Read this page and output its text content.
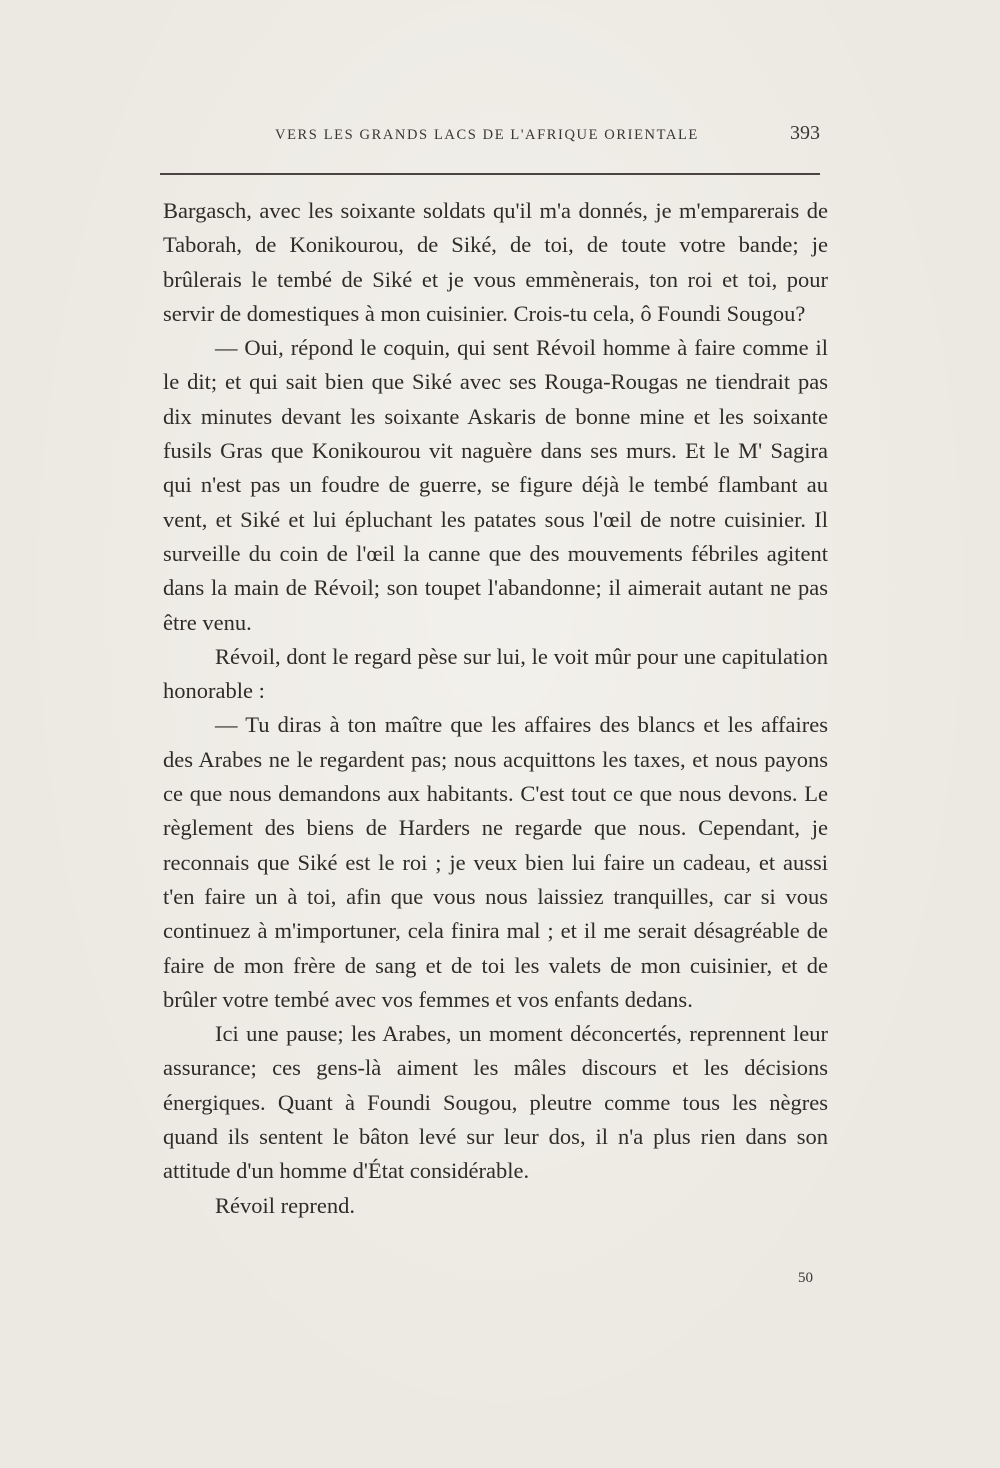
VERS LES GRANDS LACS DE L'AFRIQUE ORIENTALE	393

Bargasch, avec les soixante soldats qu'il m'a donnés, je m'emparerais de Taborah, de Konikourou, de Siké, de toi, de toute votre bande; je brûlerais le tembé de Siké et je vous emmènerais, ton roi et toi, pour servir de domestiques à mon cuisinier. Crois-tu cela, ô Foundi Sougou?

— Oui, répond le coquin, qui sent Révoil homme à faire comme il le dit; et qui sait bien que Siké avec ses Rouga-Rougas ne tiendrait pas dix minutes devant les soixante Askaris de bonne mine et les soixante fusils Gras que Konikourou vit naguère dans ses murs. Et le M' Sagira qui n'est pas un foudre de guerre, se figure déjà le tembé flambant au vent, et Siké et lui épluchant les patates sous l'œil de notre cuisinier. Il surveille du coin de l'œil la canne que des mouvements fébriles agitent dans la main de Révoil; son toupet l'abandonne; il aimerait autant ne pas être venu.

Révoil, dont le regard pèse sur lui, le voit mûr pour une capitulation honorable :

— Tu diras à ton maître que les affaires des blancs et les affaires des Arabes ne le regardent pas; nous acquittons les taxes, et nous payons ce que nous demandons aux habitants. C'est tout ce que nous devons. Le règlement des biens de Harders ne regarde que nous. Cependant, je reconnais que Siké est le roi ; je veux bien lui faire un cadeau, et aussi t'en faire un à toi, afin que vous nous laissiez tranquilles, car si vous continuez à m'importuner, cela finira mal ; et il me serait désagréable de faire de mon frère de sang et de toi les valets de mon cuisinier, et de brûler votre tembé avec vos femmes et vos enfants dedans.

Ici une pause; les Arabes, un moment déconcertés, reprennent leur assurance; ces gens-là aiment les mâles discours et les décisions énergiques. Quant à Foundi Sougou, pleutre comme tous les nègres quand ils sentent le bâton levé sur leur dos, il n'a plus rien dans son attitude d'un homme d'État considérable.

Révoil reprend.

50
